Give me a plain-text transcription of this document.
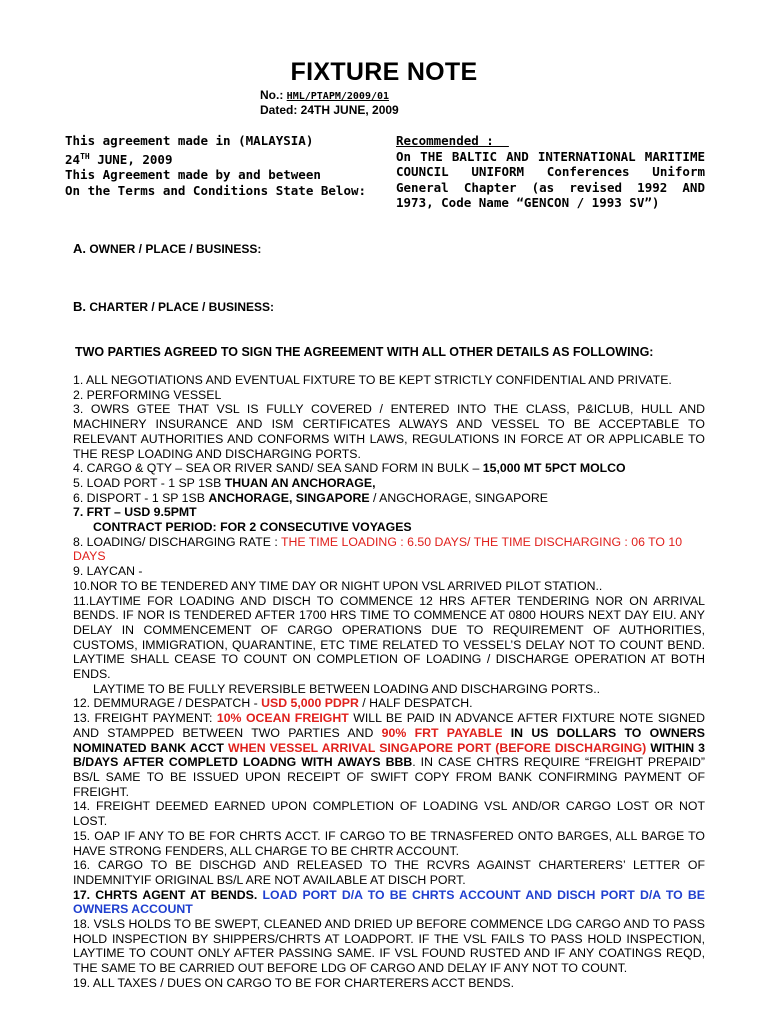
FIXTURE NOTE
No.: HML/PTAPM/2009/01
Dated: 24TH JUNE, 2009
This agreement made in (MALAYSIA)
24TH JUNE, 2009
This Agreement made by and between
On the Terms and Conditions State Below:
Recommended :
On THE BALTIC AND INTERNATIONAL MARITIME COUNCIL UNIFORM Conferences Uniform General Chapter (as revised 1992 AND 1973, Code Name “GENCON / 1993 SV”)
A. OWNER / PLACE / BUSINESS:
B. CHARTER / PLACE / BUSINESS:
TWO PARTIES AGREED TO SIGN THE AGREEMENT WITH ALL OTHER DETAILS AS FOLLOWING:
1. ALL NEGOTIATIONS AND EVENTUAL FIXTURE TO BE KEPT STRICTLY CONFIDENTIAL AND PRIVATE.
2. PERFORMING VESSEL
3. OWRS GTEE THAT VSL IS FULLY COVERED / ENTERED INTO THE CLASS, P&ICLUB, HULL AND MACHINERY INSURANCE AND ISM CERTIFICATES ALWAYS AND VESSEL TO BE ACCEPTABLE TO RELEVANT AUTHORITIES AND CONFORMS WITH LAWS, REGULATIONS IN FORCE AT OR APPLICABLE TO THE RESP LOADING AND DISCHARGING PORTS.
4. CARGO & QTY – SEA OR RIVER SAND/ SEA SAND FORM IN BULK – 15,000 MT 5PCT MOLCO
5. LOAD PORT - 1 SP 1SB THUAN AN ANCHORAGE,
6. DISPORT - 1 SP 1SB ANCHORAGE, SINGAPORE / ANGCHORAGE, SINGAPORE
7. FRT – USD 9.5PMT
CONTRACT PERIOD: FOR 2 CONSECUTIVE VOYAGES
8. LOADING/ DISCHARGING RATE : THE TIME LOADING : 6.50 DAYS/ THE TIME DISCHARGING : 06 TO 10 DAYS
9. LAYCAN -
10.NOR TO BE TENDERED ANY TIME DAY OR NIGHT UPON VSL ARRIVED PILOT STATION..
11.LAYTIME FOR LOADING AND DISCH TO COMMENCE 12 HRS AFTER TENDERING NOR ON ARRIVAL BENDS. IF NOR IS TENDERED AFTER 1700 HRS TIME TO COMMENCE AT 0800 HOURS NEXT DAY EIU. ANY DELAY IN COMMENCEMENT OF CARGO OPERATIONS DUE TO REQUIREMENT OF AUTHORITIES, CUSTOMS, IMMIGRATION, QUARANTINE, ETC TIME RELATED TO VESSEL’S DELAY NOT TO COUNT BEND. LAYTIME SHALL CEASE TO COUNT ON COMPLETION OF LOADING / DISCHARGE OPERATION AT BOTH ENDS.
LAYTIME TO BE FULLY REVERSIBLE BETWEEN LOADING AND DISCHARGING PORTS..
12. DEMMURAGE / DESPATCH - USD 5,000 PDPR / HALF DESPATCH.
13. FREIGHT PAYMENT: 10% OCEAN FREIGHT WILL BE PAID IN ADVANCE AFTER FIXTURE NOTE SIGNED AND STAMPPED BETWEEN TWO PARTIES AND 90% FRT PAYABLE IN US DOLLARS TO OWNERS NOMINATED BANK ACCT WHEN VESSEL ARRIVAL SINGAPORE PORT (BEFORE DISCHARGING) WITHIN 3 B/DAYS AFTER COMPLETD LOADNG WITH AWAYS BBB. IN CASE CHTRS REQUIRE “FREIGHT PREPAID” BS/L SAME TO BE ISSUED UPON RECEIPT OF SWIFT COPY FROM BANK CONFIRMING PAYMENT OF FREIGHT.
14. FREIGHT DEEMED EARNED UPON COMPLETION OF LOADING VSL AND/OR CARGO LOST OR NOT LOST.
15. OAP IF ANY TO BE FOR CHRTS ACCT. IF CARGO TO BE TRNASFERED ONTO BARGES, ALL BARGE TO HAVE STRONG FENDERS, ALL CHARGE TO BE CHRTR ACCOUNT.
16. CARGO TO BE DISCHGD AND RELEASED TO THE RCVRS AGAINST CHARTERERS’ LETTER OF INDEMNITYIF ORIGINAL BS/L ARE NOT AVAILABLE AT DISCH PORT.
17. CHRTS AGENT AT BENDS. LOAD PORT D/A TO BE CHRTS ACCOUNT AND DISCH PORT D/A TO BE OWNERS ACCOUNT
18. VSLS HOLDS TO BE SWEPT, CLEANED AND DRIED UP BEFORE COMMENCE LDG CARGO AND TO PASS HOLD INSPECTION BY SHIPPERS/CHRTS AT LOADPORT. IF THE VSL FAILS TO PASS HOLD INSPECTION, LAYTIME TO COUNT ONLY AFTER PASSING SAME. IF VSL FOUND RUSTED AND IF ANY COATINGS REQD, THE SAME TO BE CARRIED OUT BEFORE LDG OF CARGO AND DELAY IF ANY NOT TO COUNT.
19. ALL TAXES / DUES ON CARGO TO BE FOR CHARTERERS ACCT BENDS.
